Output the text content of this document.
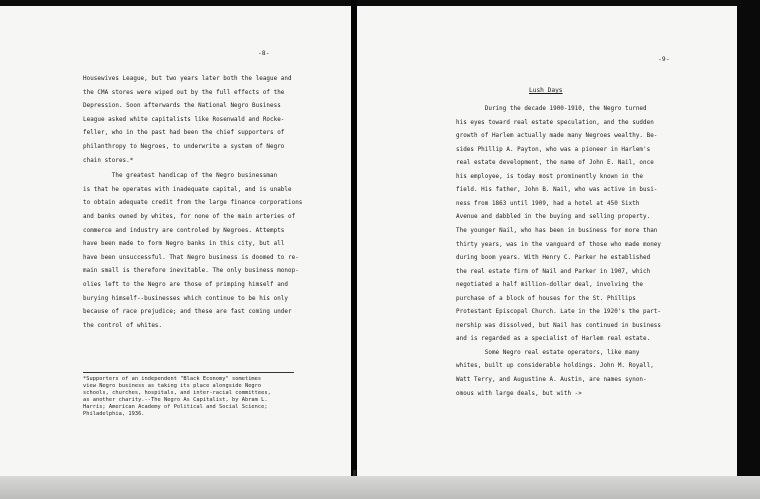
-8-
Housewives League, but two years later both the league and
the CMA stores were wiped out by the full effects of the
Depression. Soon afterwards the National Negro Business
League asked white capitalists like Rosenwald and Rocke-
feller, who in the past had been the chief supporters of
philanthropy to Negroes, to underwrite a system of Negro
chain stores.*
The greatest handicap of the Negro businessman
is that he operates with inadequate capital, and is unable
to obtain adequate credit from the large finance corporations
and banks owned by whites, for none of the main arteries of
commerce and industry are controled by Negroes. Attempts
have been made to form Negro banks in this city, but all
have been unsuccessful. That Negro business is doomed to re-
main small is therefore inevitable. The only business monop-
olies left to the Negro are those of primping himself and
burying himself--businesses which continue to be his only
because of race prejudice; and these are fast coming under
the control of whites.
*Supporters of an independent "Black Economy" sometimes
view Negro business as taking its place alongside Negro
schools, churches, hospitals, and inter-racial committees,
as another charity.--The Negro As Capitalist, by Abram L.
Harris; American Academy of Political and Social Science;
Philadelphia, 1936.
-9-
Lush Days
During the decade 1900-1910, the Negro turned
his eyes toward real estate speculation, and the sudden
growth of Harlem actually made many Negroes wealthy. Be-
sides Phillip A. Payton, who was a pioneer in Harlem's
real estate development, the name of John E. Nail, once
his employee, is today most prominently known in the
field. His father, John B. Nail, who was active in busi-
ness from 1863 until 1909, had a hotel at 450 Sixth
Avenue and dabbled in the buying and selling property.
The younger Nail, who has been in business for more than
thirty years, was in the vanguard of those who made money
during boom years. With Henry C. Parker he established
the real estate firm of Nail and Parker in 1907, which
negotiated a half million-dollar deal, involving the
purchase of a block of houses for the St. Phillips
Protestant Episcopal Church. Late in the 1920's the part-
nership was dissolved, but Nail has continued in business
and is regarded as a specialist of Harlem real estate.
Some Negro real estate operators, like many
whites, built up considerable holdings. John M. Royall,
Watt Terry, and Augustine A. Austin, are names synon-
omous with large deals, but with ->
